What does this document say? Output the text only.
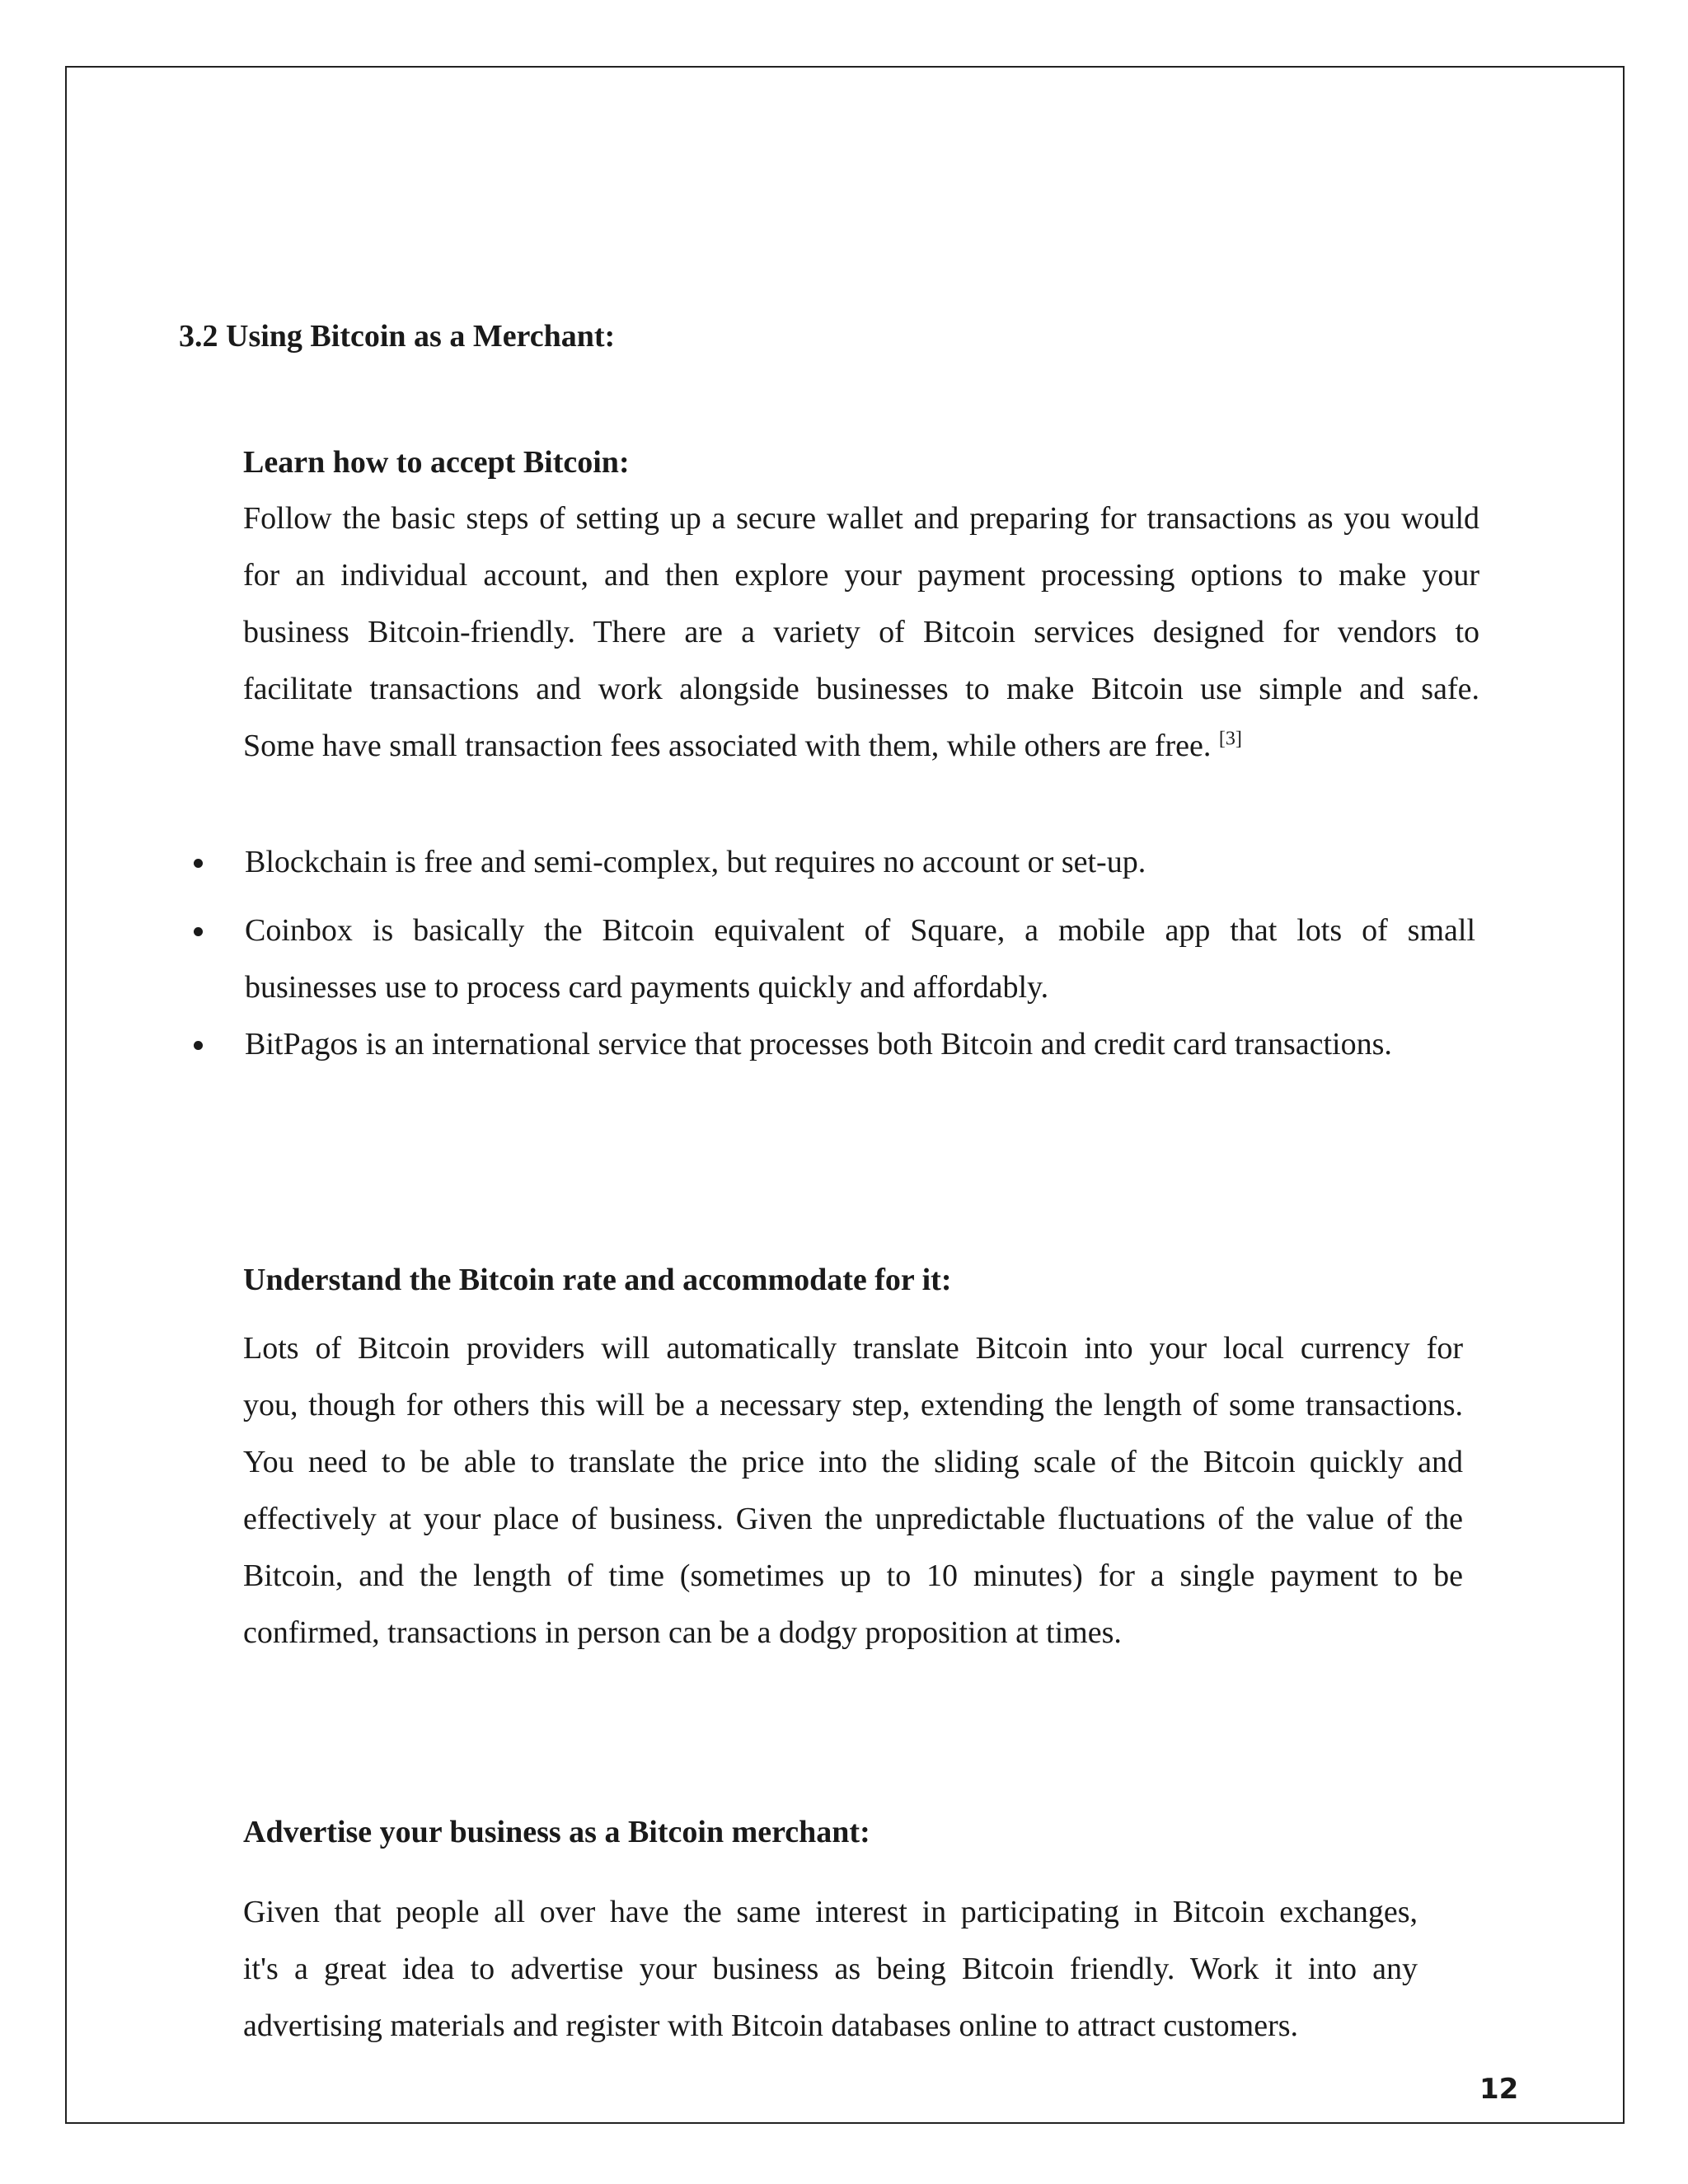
3.2 Using Bitcoin as a Merchant:
Learn how to accept Bitcoin:
Follow the basic steps of setting up a secure wallet and preparing for transactions as you would
for an individual account, and then explore your payment processing options to make your
business Bitcoin-friendly. There are a variety of Bitcoin services designed for vendors to
facilitate transactions and work alongside businesses to make Bitcoin use simple and safe.
Some have small transaction fees associated with them, while others are free. [3]
Blockchain is free and semi-complex, but requires no account or set-up.
Coinbox is basically the Bitcoin equivalent of Square, a mobile app that lots of small
businesses use to process card payments quickly and affordably.
BitPagos is an international service that processes both Bitcoin and credit card transactions.
Understand the Bitcoin rate and accommodate for it:
Lots of Bitcoin providers will automatically translate Bitcoin into your local currency for
you, though for others this will be a necessary step, extending the length of some transactions.
You need to be able to translate the price into the sliding scale of the Bitcoin quickly and
effectively at your place of business. Given the unpredictable fluctuations of the value of the
Bitcoin, and the length of time (sometimes up to 10 minutes) for a single payment to be
confirmed, transactions in person can be a dodgy proposition at times.
Advertise your business as a Bitcoin merchant:
Given that people all over have the same interest in participating in Bitcoin exchanges,
it's a great idea to advertise your business as being Bitcoin friendly. Work it into any
advertising materials and register with Bitcoin databases online to attract customers.
12
